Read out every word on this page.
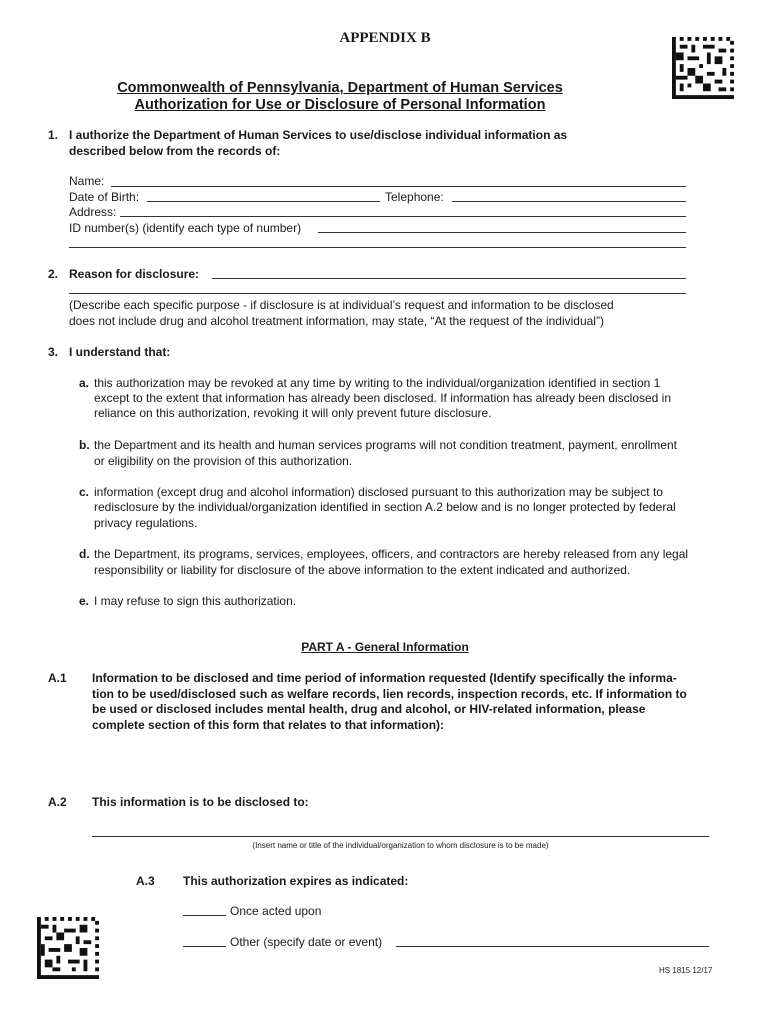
APPENDIX B
Commonwealth of Pennsylvania, Department of Human Services
Authorization for Use or Disclosure of Personal Information
1. I authorize the Department of Human Services to use/disclose individual information as
described below from the records of:
Name:
Date of Birth:	Telephone:
Address:
ID number(s) (identify each type of number)
2. Reason for disclosure:
(Describe each specific purpose - if disclosure is at individual’s request and information to be disclosed
does not include drug and alcohol treatment information, may state, “At the request of the individual”)
3. I understand that:
a. this authorization may be revoked at any time by writing to the individual/organization identified in section 1
except to the extent that information has already been disclosed. If information has already been disclosed in
reliance on this authorization, revoking it will only prevent future disclosure.
b. the Department and its health and human services programs will not condition treatment, payment, enrollment
or eligibility on the provision of this authorization.
c. information (except drug and alcohol information) disclosed pursuant to this authorization may be subject to
redisclosure by the individual/organization identified in section A.2 below and is no longer protected by federal
privacy regulations.
d. the Department, its programs, services, employees, officers, and contractors are hereby released from any legal
responsibility or liability for disclosure of the above information to the extent indicated and authorized.
e. I may refuse to sign this authorization.
PART A - General Information
A.1 Information to be disclosed and time period of information requested (Identify specifically the informa-
tion to be used/disclosed such as welfare records, lien records, inspection records, etc. If information to
be used or disclosed includes mental health, drug and alcohol, or HIV-related information, please
complete section of this form that relates to that information):
A.2 This information is to be disclosed to:
(Insert name or title of the individual/organization to whom disclosure is to be made)
A.3 This authorization expires as indicated:
Once acted upon
Other (specify date or event)
HS 1815 12/17
